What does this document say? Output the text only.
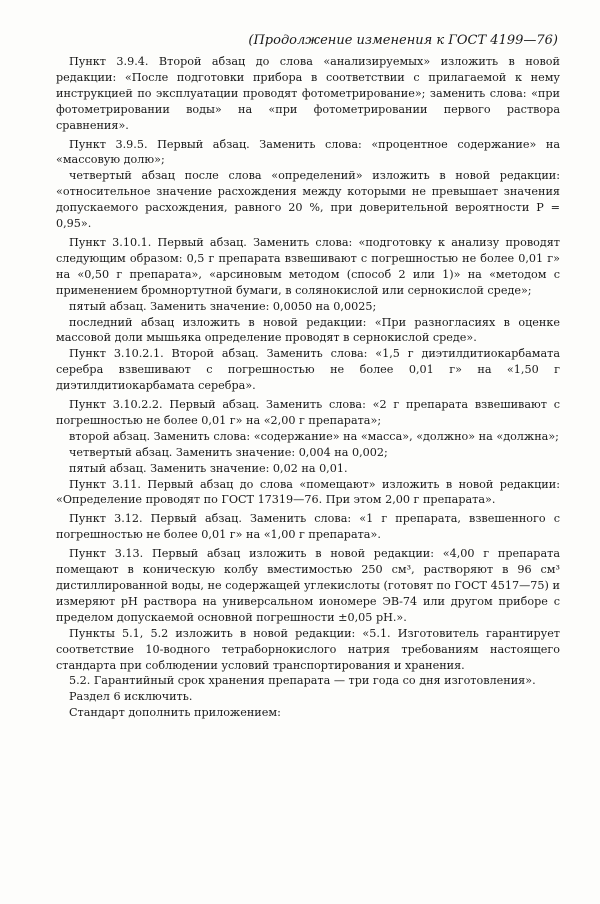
(Продолжение изменения к ГОСТ 4199—76)

Пункт 3.9.4. Второй абзац до слова «анализируемых» изложить в новой редакции: «После подготовки прибора в соответствии с прилагаемой к нему инструкцией по эксплуатации проводят фотометрирование»; заменить слова: «при фотометрировании воды» на «при фотометрировании первого раствора сравнения».

Пункт 3.9.5. Первый абзац. Заменить слова: «процентное содержание» на «массовую долю»;

четвертый абзац после слова «определений» изложить в новой редакции: «относительное значение расхождения между которыми не превышает значения допускаемого расхождения, равного 20 %, при доверительной вероятности P = 0,95».

Пункт 3.10.1. Первый абзац. Заменить слова: «подготовку к анализу проводят следующим образом: 0,5 г препарата взвешивают с погрешностью не более 0,01 г» на «0,50 г препарата», «арсиновым методом (способ 2 или 1)» на «методом с применением бромнортутной бумаги, в солянокислой или сернокислой среде»;

пятый абзац. Заменить значение: 0,0050 на 0,0025;

последний абзац изложить в новой редакции: «При разногласиях в оценке массовой доли мышьяка определение проводят в сернокислой среде».

Пункт 3.10.2.1. Второй абзац. Заменить слова: «1,5 г диэтилдитиокарбамата серебра взвешивают с погрешностью не более 0,01 г» на «1,50 г диэтилдитиокарбамата серебра».

Пункт 3.10.2.2. Первый абзац. Заменить слова: «2 г препарата взвешивают с погрешностью не более 0,01 г» на «2,00 г препарата»;

второй абзац. Заменить слова: «содержание» на «масса», «должно» на «должна»;

четвертый абзац. Заменить значение: 0,004 на 0,002;

пятый абзац. Заменить значение: 0,02 на 0,01.

Пункт 3.11. Первый абзац до слова «помещают» изложить в новой редакции: «Определение проводят по ГОСТ 17319—76. При этом 2,00 г препарата».

Пункт 3.12. Первый абзац. Заменить слова: «1 г препарата, взвешенного с погрешностью не более 0,01 г» на «1,00 г препарата».

Пункт 3.13. Первый абзац изложить в новой редакции: «4,00 г препарата помещают в коническую колбу вместимостью 250 см³, растворяют в 96 см³ дистиллированной воды, не содержащей углекислоты (готовят по ГОСТ 4517—75) и измеряют pH раствора на универсальном иономере ЭВ-74 или другом приборе с пределом допускаемой основной погрешности ±0,05 pH.».

Пункты 5.1, 5.2 изложить в новой редакции: «5.1. Изготовитель гарантирует соответствие 10-водного тетраборнокислого натрия требованиям настоящего стандарта при соблюдении условий транспортирования и хранения.

5.2. Гарантийный срок хранения препарата — три года со дня изготовления».

Раздел 6 исключить.

Стандарт дополнить приложением:
